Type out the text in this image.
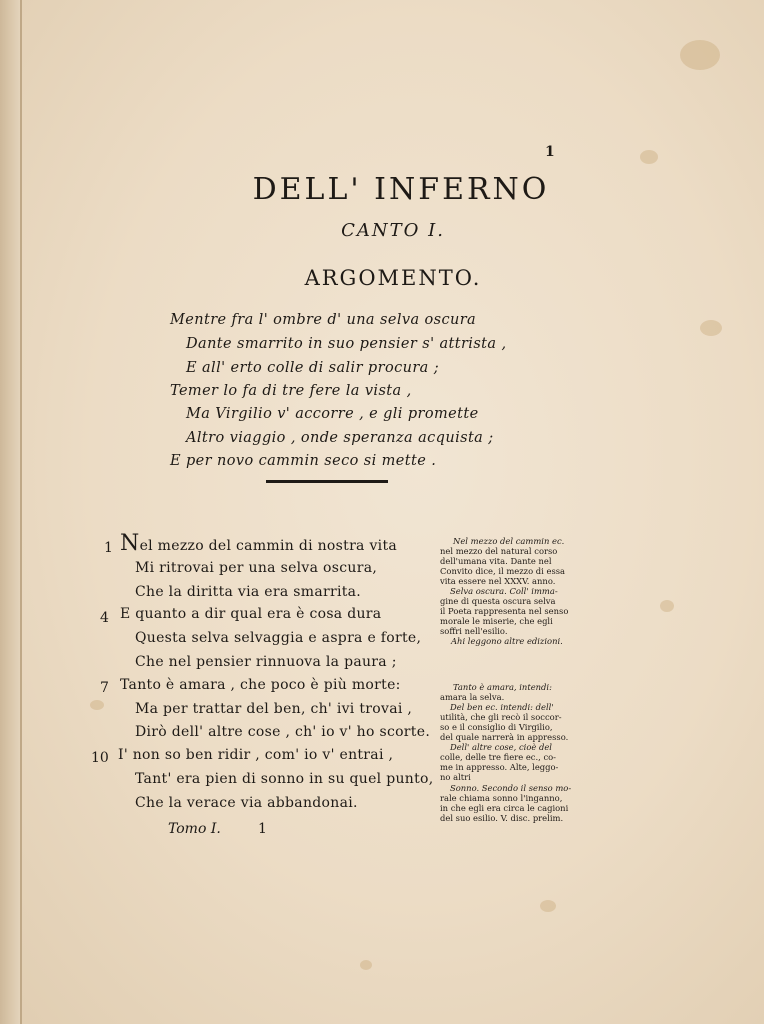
1
DELL' INFERNO
CANTO I.
ARGOMENTO.
Mentre fra l' ombre d' una selva oscura
Dante smarrito in suo pensier s' attrista ,
E all' erto colle di salir procura ;
Temer lo fa di tre fere la vista ,
Ma Virgilio v' accorre , e gli promette
Altro viaggio , onde speranza acquista ;
E per novo cammin seco si mette .
1 Nel mezzo del cammin di nostra vita
Mi ritrovai per una selva oscura,
Che la diritta via era smarrita.
4 E quanto a dir qual era è cosa dura
Questa selva selvaggia e aspra e forte,
Che nel pensier rinnuova la paura ;
7 Tanto è amara , che poco è più morte:
Ma per trattar del ben, ch' ivi trovai ,
Dirò dell' altre cose , ch' io v' ho scorte.
10 I' non so ben ridir , com' io v' entrai ,
Tant' era pien di sonno in su quel punto,
Che la verace via abbandonai.
Nel mezzo del cammin ec.
nel mezzo del natural corso
dell'umana vita. Dante nel
Convito dice, il mezzo di essa
vita essere nel XXXV. anno.
Selva oscura. Coll' imma-
gine di questa oscura selva
il Poeta rappresenta nel senso
morale le miserie, che egli
soffri nell'esilio.
Ahi leggono altre edizioni.
Tanto è amara, intendi:
amara la selva.
Del ben ec. intendi: dell'
utilità, che gli recò il soccor-
so e il consiglio di Virgilio,
del quale narrerà in appresso.
Dell' altre cose, cioè del
colle, delle tre fiere ec., co-
me in appresso. Alte, leggo-
no altri
Sonno. Secondo il senso mo-
rale chiama sonno l'inganno,
in che egli era circa le cagioni
del suo esilio. V. disc. prelim.
Tomo I.	1
